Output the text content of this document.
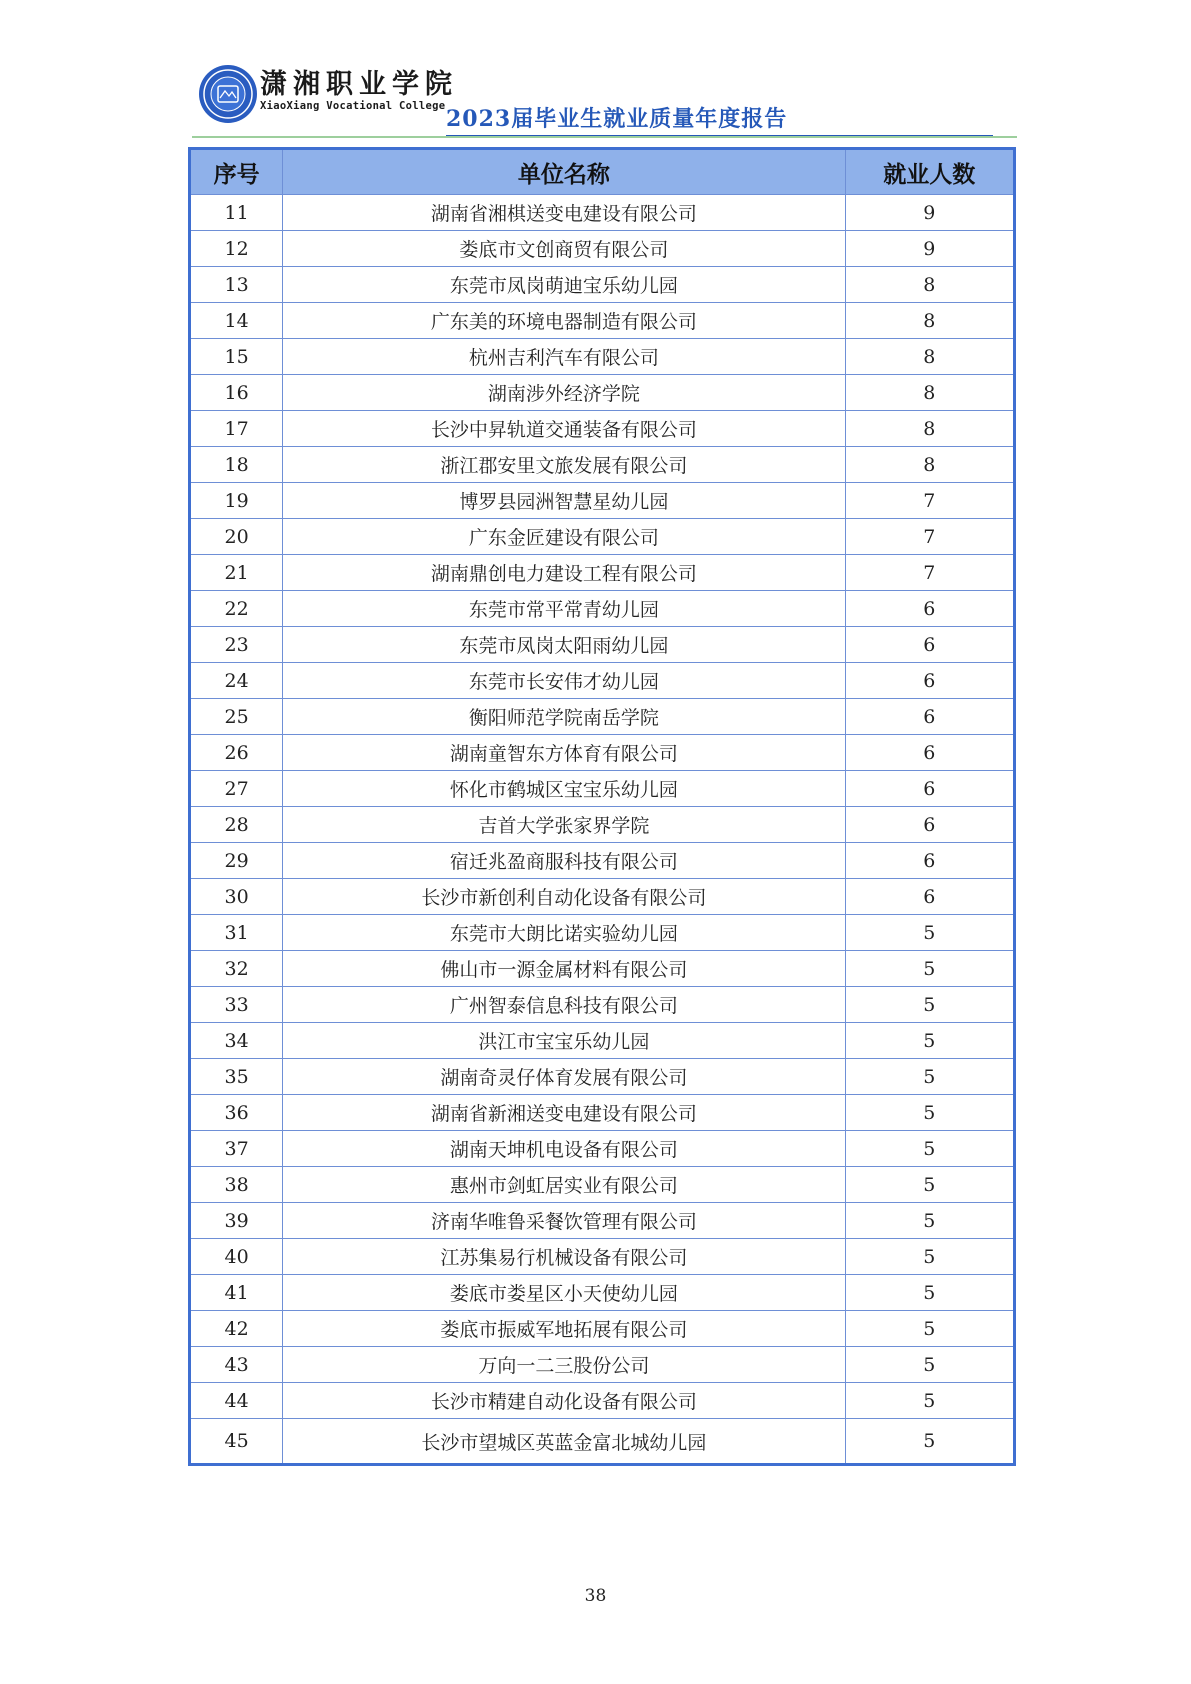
潇湘职业学院
XiaoXiang Vocational College 2023届毕业生就业质量年度报告
序号	单位名称	就业人数
11	湖南省湘棋送变电建设有限公司	9
12	娄底市文创商贸有限公司	9
13	东莞市凤岗萌迪宝乐幼儿园	8
14	广东美的环境电器制造有限公司	8
15	杭州吉利汽车有限公司	8
16	湖南涉外经济学院	8
17	长沙中昇轨道交通装备有限公司	8
18	浙江郡安里文旅发展有限公司	8
19	博罗县园洲智慧星幼儿园	7
20	广东金匠建设有限公司	7
21	湖南鼎创电力建设工程有限公司	7
22	东莞市常平常青幼儿园	6
23	东莞市凤岗太阳雨幼儿园	6
24	东莞市长安伟才幼儿园	6
25	衡阳师范学院南岳学院	6
26	湖南童智东方体育有限公司	6
27	怀化市鹤城区宝宝乐幼儿园	6
28	吉首大学张家界学院	6
29	宿迁兆盈商服科技有限公司	6
30	长沙市新创利自动化设备有限公司	6
31	东莞市大朗比诺实验幼儿园	5
32	佛山市一源金属材料有限公司	5
33	广州智泰信息科技有限公司	5
34	洪江市宝宝乐幼儿园	5
35	湖南奇灵仔体育发展有限公司	5
36	湖南省新湘送变电建设有限公司	5
37	湖南天坤机电设备有限公司	5
38	惠州市剑虹居实业有限公司	5
39	济南华唯鲁采餐饮管理有限公司	5
40	江苏集易行机械设备有限公司	5
41	娄底市娄星区小天使幼儿园	5
42	娄底市振威军地拓展有限公司	5
43	万向一二三股份公司	5
44	长沙市精建自动化设备有限公司	5
45	长沙市望城区英蓝金富北城幼儿园	5
38
